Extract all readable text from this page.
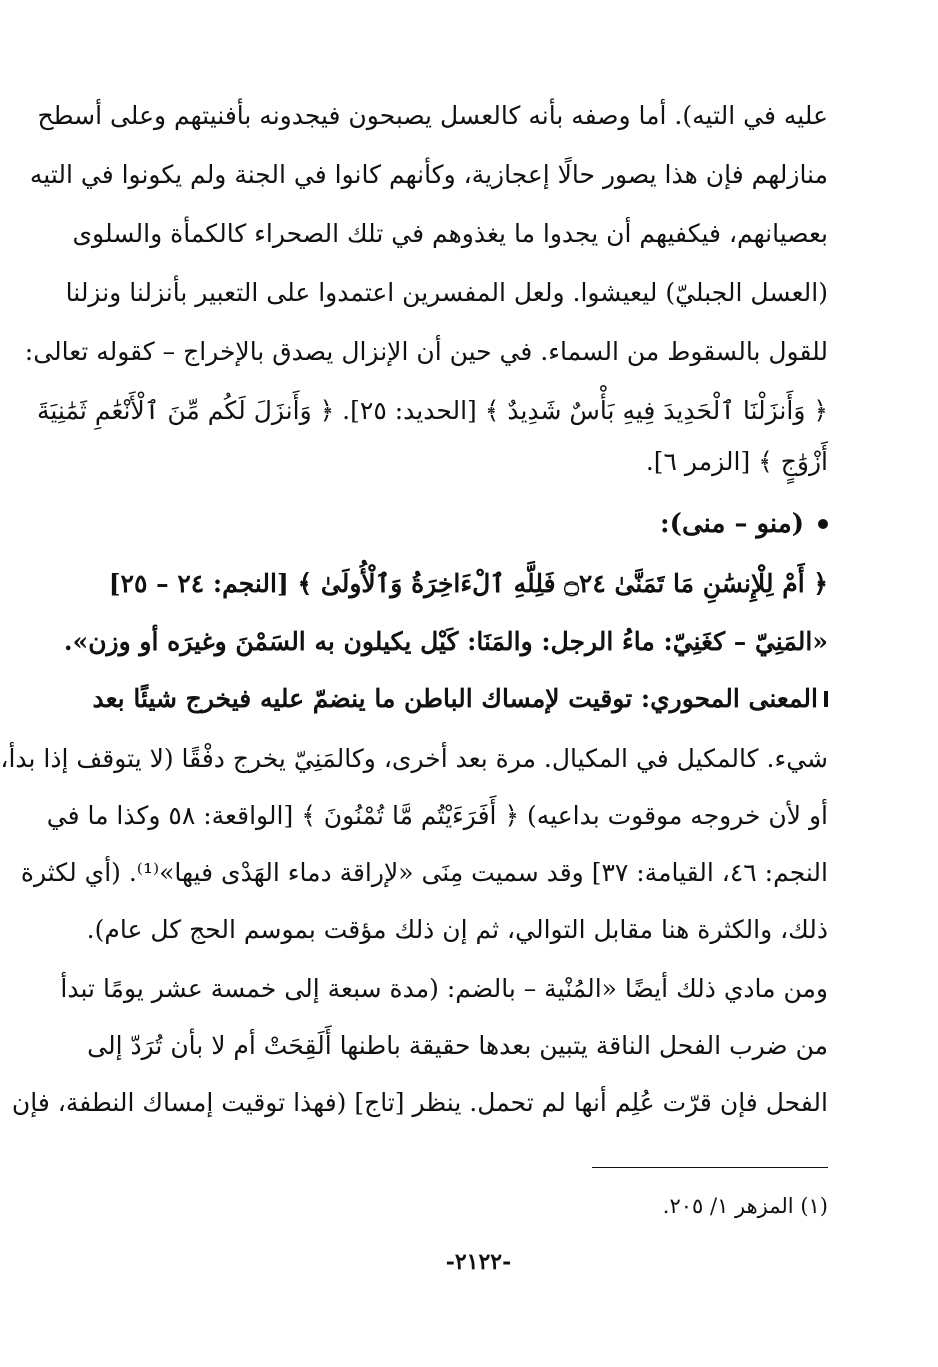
عليه في التيه). أما وصفه بأنه كالعسل يصبحون فيجدونه بأفنيتهم وعلى أسطح
منازلهم فإن هذا يصور حالًا إعجازية، وكأنهم كانوا في الجنة ولم يكونوا في التيه
بعصيانهم، فيكفيهم أن يجدوا ما يغذوهم في تلك الصحراء كالكمأة والسلوى
(العسل الجبليّ) ليعيشوا. ولعل المفسرين اعتمدوا على التعبير بأنزلنا ونزلنا
للقول بالسقوط من السماء. في حين أن الإنزال يصدق بالإخراج – كقوله تعالى:
﴿ وَأَنزَلْنَا ٱلْحَدِيدَ فِيهِ بَأْسٌ شَدِيدٌ ﴾ [الحديد: ٢٥]. ﴿ وَأَنزَلَ لَكُم مِّنَ ٱلْأَنْعَٰمِ ثَمَٰنِيَةَ
أَزْوَٰجٍ ﴾ [الزمر ٦].
(منو – منى):
﴿ أَمْ لِلْإِنسَٰنِ مَا تَمَنَّىٰ ۝٢٤ فَلِلَّهِ ٱلْءَاخِرَةُ وَٱلْأُولَىٰ ﴾ [النجم: ٢٤ – ٢٥]
«المَنِيّ – كغَنِيّ: ماءُ الرجل: والمَنَا: كَيْل يكيلون به السَمْنَ وغيرَه أو وزن».
المعنى المحوري: توقيت لإمساك الباطن ما ينضمّ عليه فيخرج شيئًا بعد
شيء. كالمكيل في المكيال. مرة بعد أخرى، وكالمَنِيّ يخرج دفْقًا (لا يتوقف إذا بدأ،
أو لأن خروجه موقوت بداعيه) ﴿ أَفَرَءَيْتُم مَّا تُمْنُونَ ﴾ [الواقعة: ٥٨ وكذا ما في
النجم: ٤٦، القيامة: ٣٧] وقد سميت مِنَى «لإراقة دماء الهَدْى فيها»⁽¹⁾. (أي لكثرة
ذلك، والكثرة هنا مقابل التوالي، ثم إن ذلك مؤقت بموسم الحج كل عام).
ومن مادي ذلك أيضًا «المُنْية – بالضم: (مدة سبعة إلى خمسة عشر يومًا تبدأ
من ضرب الفحل الناقة يتبين بعدها حقيقة باطنها أَلَقِحَتْ أم لا بأن تُرَدّ إلى
الفحل فإن قرّت عُلِم أنها لم تحمل. ينظر [تاج] (فهذا توقيت إمساك النطفة، فإن
(١) المزهر ١/ ٢٠٥.
-٢١٢٢-
